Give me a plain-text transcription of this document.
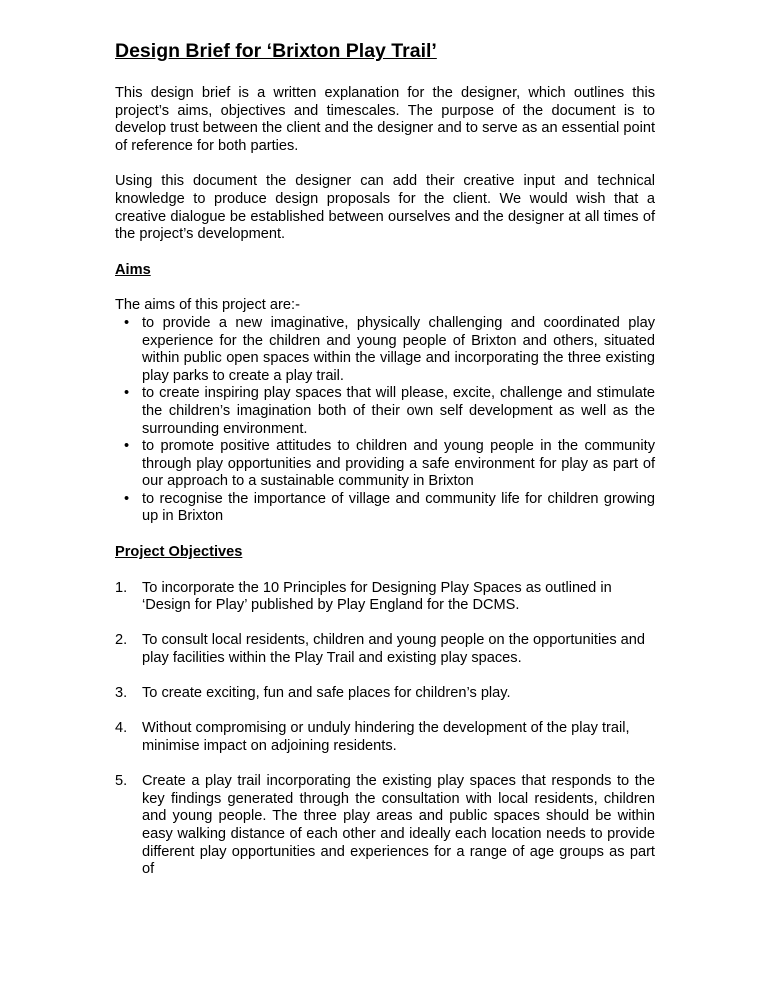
Design Brief for ‘Brixton Play Trail’

This design brief is a written explanation for the designer, which outlines this project’s aims, objectives and timescales. The purpose of the document is to develop trust between the client and the designer and to serve as an essential point of reference for both parties.

Using this document the designer can add their creative input and technical knowledge to produce design proposals for the client. We would wish that a creative dialogue be established between ourselves and the designer at all times of the project’s development.

Aims

The aims of this project are:-

• to provide a new imaginative, physically challenging and coordinated play experience for the children and young people of Brixton and others, situated within public open spaces within the village and incorporating the three existing play parks to create a play trail.
• to create inspiring play spaces that will please, excite, challenge and stimulate the children’s imagination both of their own self development as well as the surrounding environment.
• to promote positive attitudes to children and young people in the community through play opportunities and providing a safe environment for play as part of our approach to a sustainable community in Brixton
• to recognise the importance of village and community life for children growing up in Brixton
Project Objectives
1. To incorporate the 10 Principles for Designing Play Spaces as outlined in ‘Design for Play’ published by Play England for the DCMS.
2. To consult local residents, children and young people on the opportunities and play facilities within the Play Trail and existing play spaces.
3. To create exciting, fun and safe places for children’s play.
4. Without compromising or unduly hindering the development of the play trail, minimise impact on adjoining residents.
5. Create a play trail incorporating the existing play spaces that responds to the key findings generated through the consultation with local residents, children and young people. The three play areas and public spaces should be within easy walking distance of each other and ideally each location needs to provide different play opportunities and experiences for a range of age groups as part of
